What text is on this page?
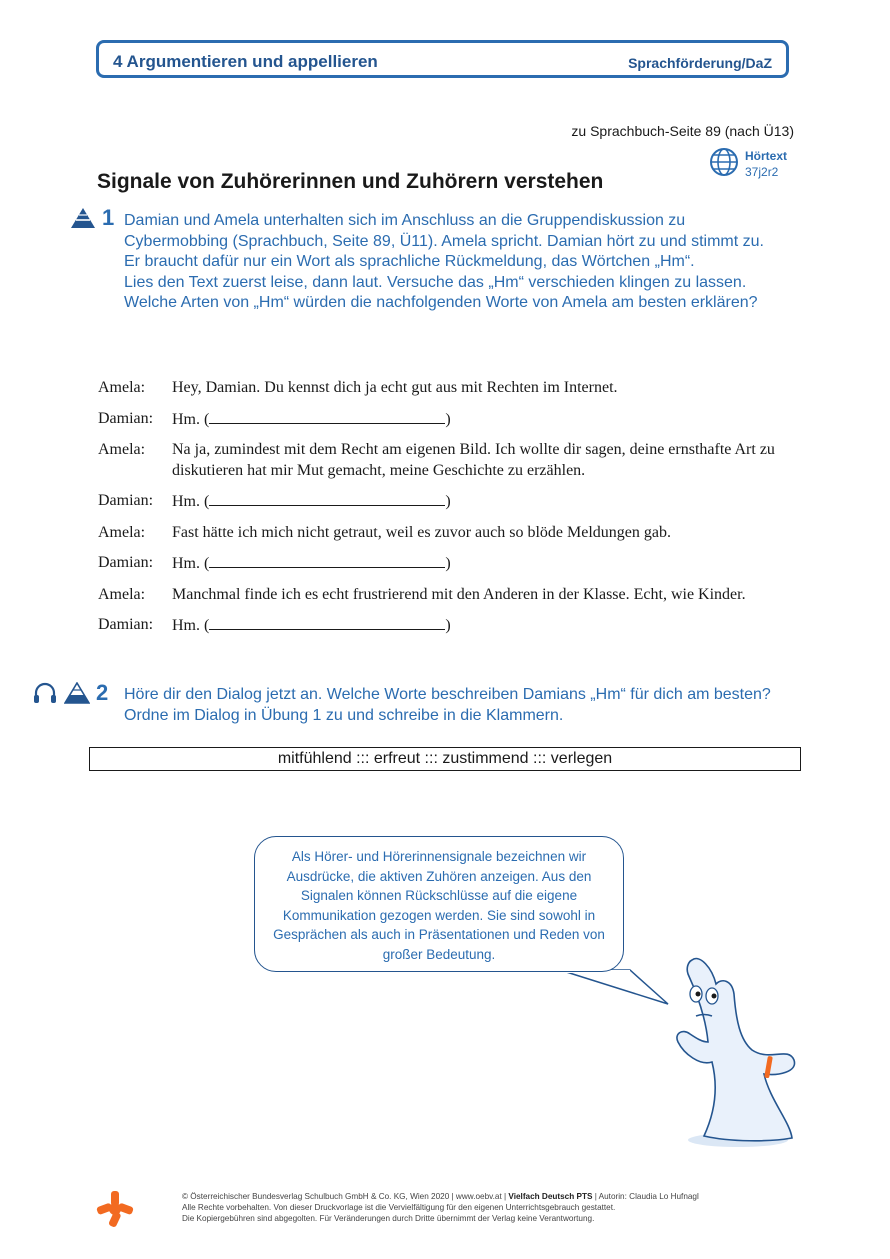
4 Argumentieren und appellieren	Sprachförderung/DaZ
zu Sprachbuch-Seite 89 (nach Ü13)
Hörtext
37j2r2
Signale von Zuhörerinnen und Zuhörern verstehen
1 Damian und Amela unterhalten sich im Anschluss an die Gruppendiskussion zu Cybermobbing (Sprachbuch, Seite 89, Ü11). Amela spricht. Damian hört zu und stimmt zu. Er braucht dafür nur ein Wort als sprachliche Rückmeldung, das Wörtchen „Hm“.

Lies den Text zuerst leise, dann laut. Versuche das „Hm“ verschieden klingen zu lassen. Welche Arten von „Hm“ würden die nachfolgenden Worte von Amela am besten erklären?

Amela:	Hey, Damian. Du kennst dich ja echt gut aus mit Rechten im Internet.
Damian:	Hm. (	)
Amela:	Na ja, zumindest mit dem Recht am eigenen Bild. Ich wollte dir sagen, deine ernsthafte Art zu diskutieren hat mir Mut gemacht, meine Geschichte zu erzählen.
Damian:	Hm. (	)
Amela:	Fast hätte ich mich nicht getraut, weil es zuvor auch so blöde Meldungen gab.
Damian:	Hm. (	)
Amela:	Manchmal finde ich es echt frustrierend mit den Anderen in der Klasse. Echt, wie Kinder.
Damian:	Hm. (	)
2 Höre dir den Dialog jetzt an. Welche Worte beschreiben Damians „Hm“ für dich am besten? Ordne im Dialog in Übung 1 zu und schreibe in die Klammern.
mitfühlend ::: erfreut ::: zustimmend ::: verlegen
Als Hörer- und Hörerinnensignale bezeichnen wir Ausdrücke, die aktiven Zuhören anzeigen. Aus den Signalen können Rückschlüsse auf die eigene Kommunikation gezogen werden. Sie sind sowohl in Gesprächen als auch in Präsentationen und Reden von großer Bedeutung.
© Österreichischer Bundesverlag Schulbuch GmbH & Co. KG, Wien 2020 | www.oebv.at | Vielfach Deutsch PTS | Autorin: Claudia Lo Hufnagl
Alle Rechte vorbehalten. Von dieser Druckvorlage ist die Vervielfältigung für den eigenen Unterrichtsgebrauch gestattet.
Die Kopiergebühren sind abgegolten. Für Veränderungen durch Dritte übernimmt der Verlag keine Verantwortung.
